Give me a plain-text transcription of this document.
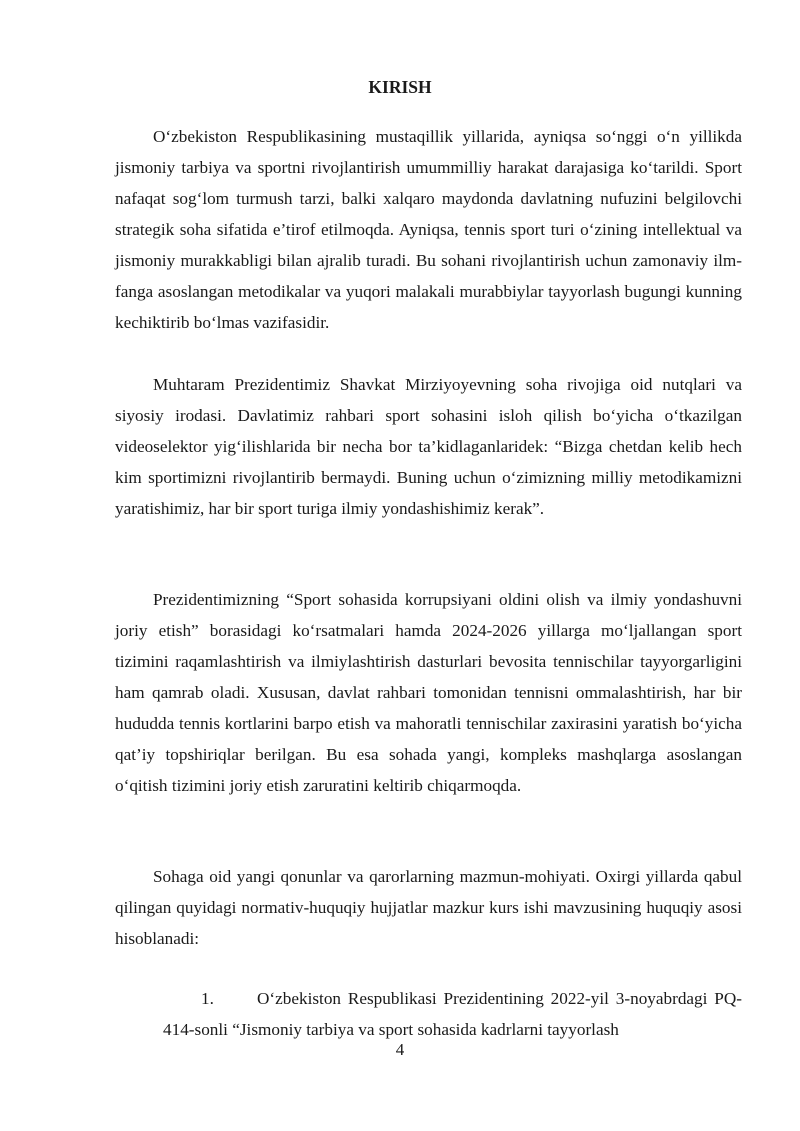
KIRISH

O‘zbekiston Respublikasining mustaqillik yillarida, ayniqsa so‘nggi o‘n yillikda jismoniy tarbiya va sportni rivojlantirish umummilliy harakat darajasiga ko‘tarildi. Sport nafaqat sog‘lom turmush tarzi, balki xalqaro maydonda davlatning nufuzini belgilovchi strategik soha sifatida e’tirof etilmoqda. Ayniqsa, tennis sport turi o‘zining intellektual va jismoniy murakkabligi bilan ajralib turadi. Bu sohani rivojlantirish uchun zamonaviy ilm-fanga asoslangan metodikalar va yuqori malakali murabbiylar tayyorlash bugungi kunning kechiktirib bo‘lmas vazifasidir.

Muhtaram Prezidentimiz Shavkat Mirziyoyevning soha rivojiga oid nutqlari va siyosiy irodasi. Davlatimiz rahbari sport sohasini isloh qilish bo‘yicha o‘tkazilgan videoselektor yig‘ilishlarida bir necha bor ta’kidlaganlaridek: “Bizga chetdan kelib hech kim sportimizni rivojlantirib bermaydi. Buning uchun o‘zimizning milliy metodikamizni yaratishimiz, har bir sport turiga ilmiy yondashishimiz kerak”.

Prezidentimizning “Sport sohasida korrupsiyani oldini olish va ilmiy yondashuvni joriy etish” borasidagi ko‘rsatmalari hamda 2024-2026 yillarga mo‘ljallangan sport tizimini raqamlashtirish va ilmiylashtirish dasturlari bevosita tennischilar tayyorgarligini ham qamrab oladi. Xususan, davlat rahbari tomonidan tennisni ommalashtirish, har bir hududda tennis kortlarini barpo etish va mahoratli tennischilar zaxirasini yaratish bo‘yicha qat’iy topshiriqlar berilgan. Bu esa sohada yangi, kompleks mashqlarga asoslangan o‘qitish tizimini joriy etish zaruratini keltirib chiqarmoqda.

Sohaga oid yangi qonunlar va qarorlarning mazmun-mohiyati. Oxirgi yillarda qabul qilingan quyidagi normativ-huquqiy hujjatlar mazkur kurs ishi mavzusining huquqiy asosi hisoblanadi:

1.	O‘zbekiston Respublikasi Prezidentining 2022-yil 3-noyabrdagi PQ-414-sonli “Jismoniy tarbiya va sport sohasida kadrlarni tayyorlash

4
